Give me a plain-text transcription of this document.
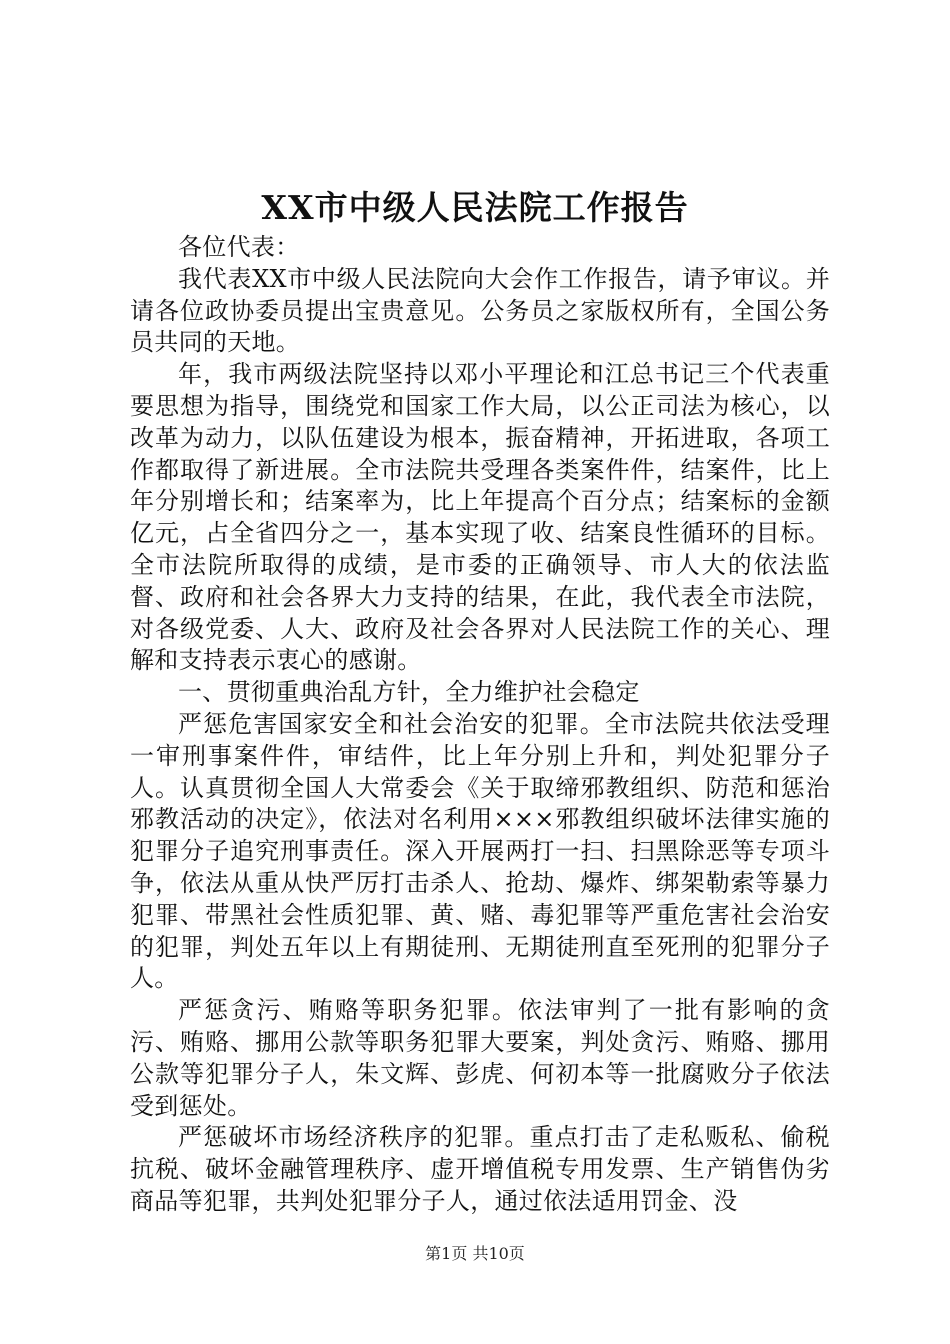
XX市中级人民法院工作报告

各位代表：

我代表XX市中级人民法院向大会作工作报告，请予审议。并请各位政协委员提出宝贵意见。公务员之家版权所有，全国公务员共同的天地。

年，我市两级法院坚持以邓小平理论和江总书记三个代表重要思想为指导，围绕党和国家工作大局，以公正司法为核心，以改革为动力，以队伍建设为根本，振奋精神，开拓进取，各项工作都取得了新进展。全市法院共受理各类案件件，结案件，比上年分别增长和；结案率为，比上年提高个百分点；结案标的金额亿元，占全省四分之一，基本实现了收、结案良性循环的目标。全市法院所取得的成绩，是市委的正确领导、市人大的依法监督、政府和社会各界大力支持的结果，在此，我代表全市法院，对各级党委、人大、政府及社会各界对人民法院工作的关心、理解和支持表示衷心的感谢。

一、贯彻重典治乱方针，全力维护社会稳定

严惩危害国家安全和社会治安的犯罪。全市法院共依法受理一审刑事案件件，审结件，比上年分别上升和，判处犯罪分子人。认真贯彻全国人大常委会《关于取缔邪教组织、防范和惩治邪教活动的决定》，依法对名利用×××邪教组织破坏法律实施的犯罪分子追究刑事责任。深入开展两打一扫、扫黑除恶等专项斗争，依法从重从快严厉打击杀人、抢劫、爆炸、绑架勒索等暴力犯罪、带黑社会性质犯罪、黄、赌、毒犯罪等严重危害社会治安的犯罪，判处五年以上有期徒刑、无期徒刑直至死刑的犯罪分子人。

严惩贪污、贿赂等职务犯罪。依法审判了一批有影响的贪污、贿赂、挪用公款等职务犯罪大要案，判处贪污、贿赂、挪用公款等犯罪分子人，朱文辉、彭虎、何初本等一批腐败分子依法受到惩处。

严惩破坏市场经济秩序的犯罪。重点打击了走私贩私、偷税抗税、破坏金融管理秩序、虚开增值税专用发票、生产销售伪劣商品等犯罪，共判处犯罪分子人，通过依法适用罚金、没

第1页 共10页
